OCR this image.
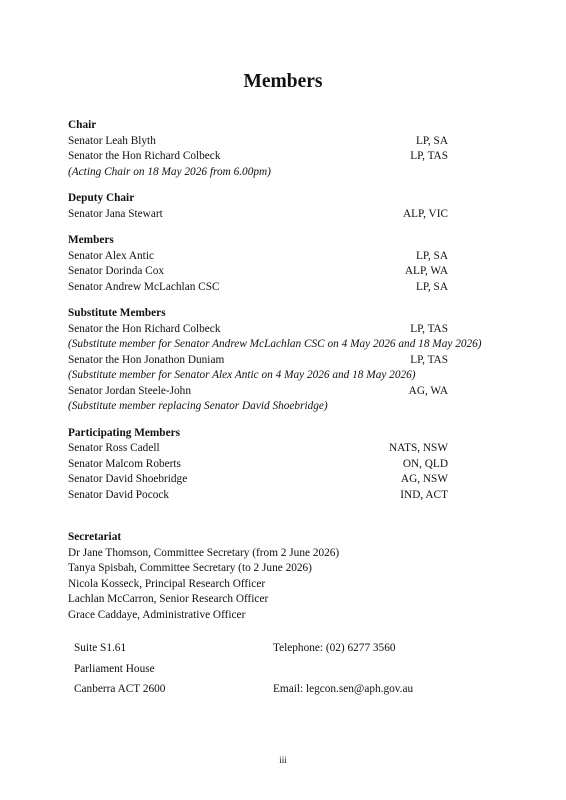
Members
Chair
Senator Leah Blyth	LP, SA
Senator the Hon Richard Colbeck	LP, TAS
(Acting Chair on 18 May 2026 from 6.00pm)
Deputy Chair
Senator Jana Stewart	ALP, VIC
Members
Senator Alex Antic	LP, SA
Senator Dorinda Cox	ALP, WA
Senator Andrew McLachlan CSC	LP, SA
Substitute Members
Senator the Hon Richard Colbeck	LP, TAS
(Substitute member for Senator Andrew McLachlan CSC on 4 May 2026 and 18 May 2026)
Senator the Hon Jonathon Duniam	LP, TAS
(Substitute member for Senator Alex Antic on 4 May 2026 and 18 May 2026)
Senator Jordan Steele-John	AG, WA
(Substitute member replacing Senator David Shoebridge)
Participating Members
Senator Ross Cadell	NATS, NSW
Senator Malcom Roberts	ON, QLD
Senator David Shoebridge	AG, NSW
Senator David Pocock	IND, ACT
Secretariat
Dr Jane Thomson, Committee Secretary (from 2 June 2026)
Tanya Spisbah, Committee Secretary (to 2 June 2026)
Nicola Kosseck, Principal Research Officer
Lachlan McCarron, Senior Research Officer
Grace Caddaye, Administrative Officer
Suite S1.61	Telephone: (02) 6277 3560
Parliament House
Canberra ACT 2600	Email: legcon.sen@aph.gov.au
iii
